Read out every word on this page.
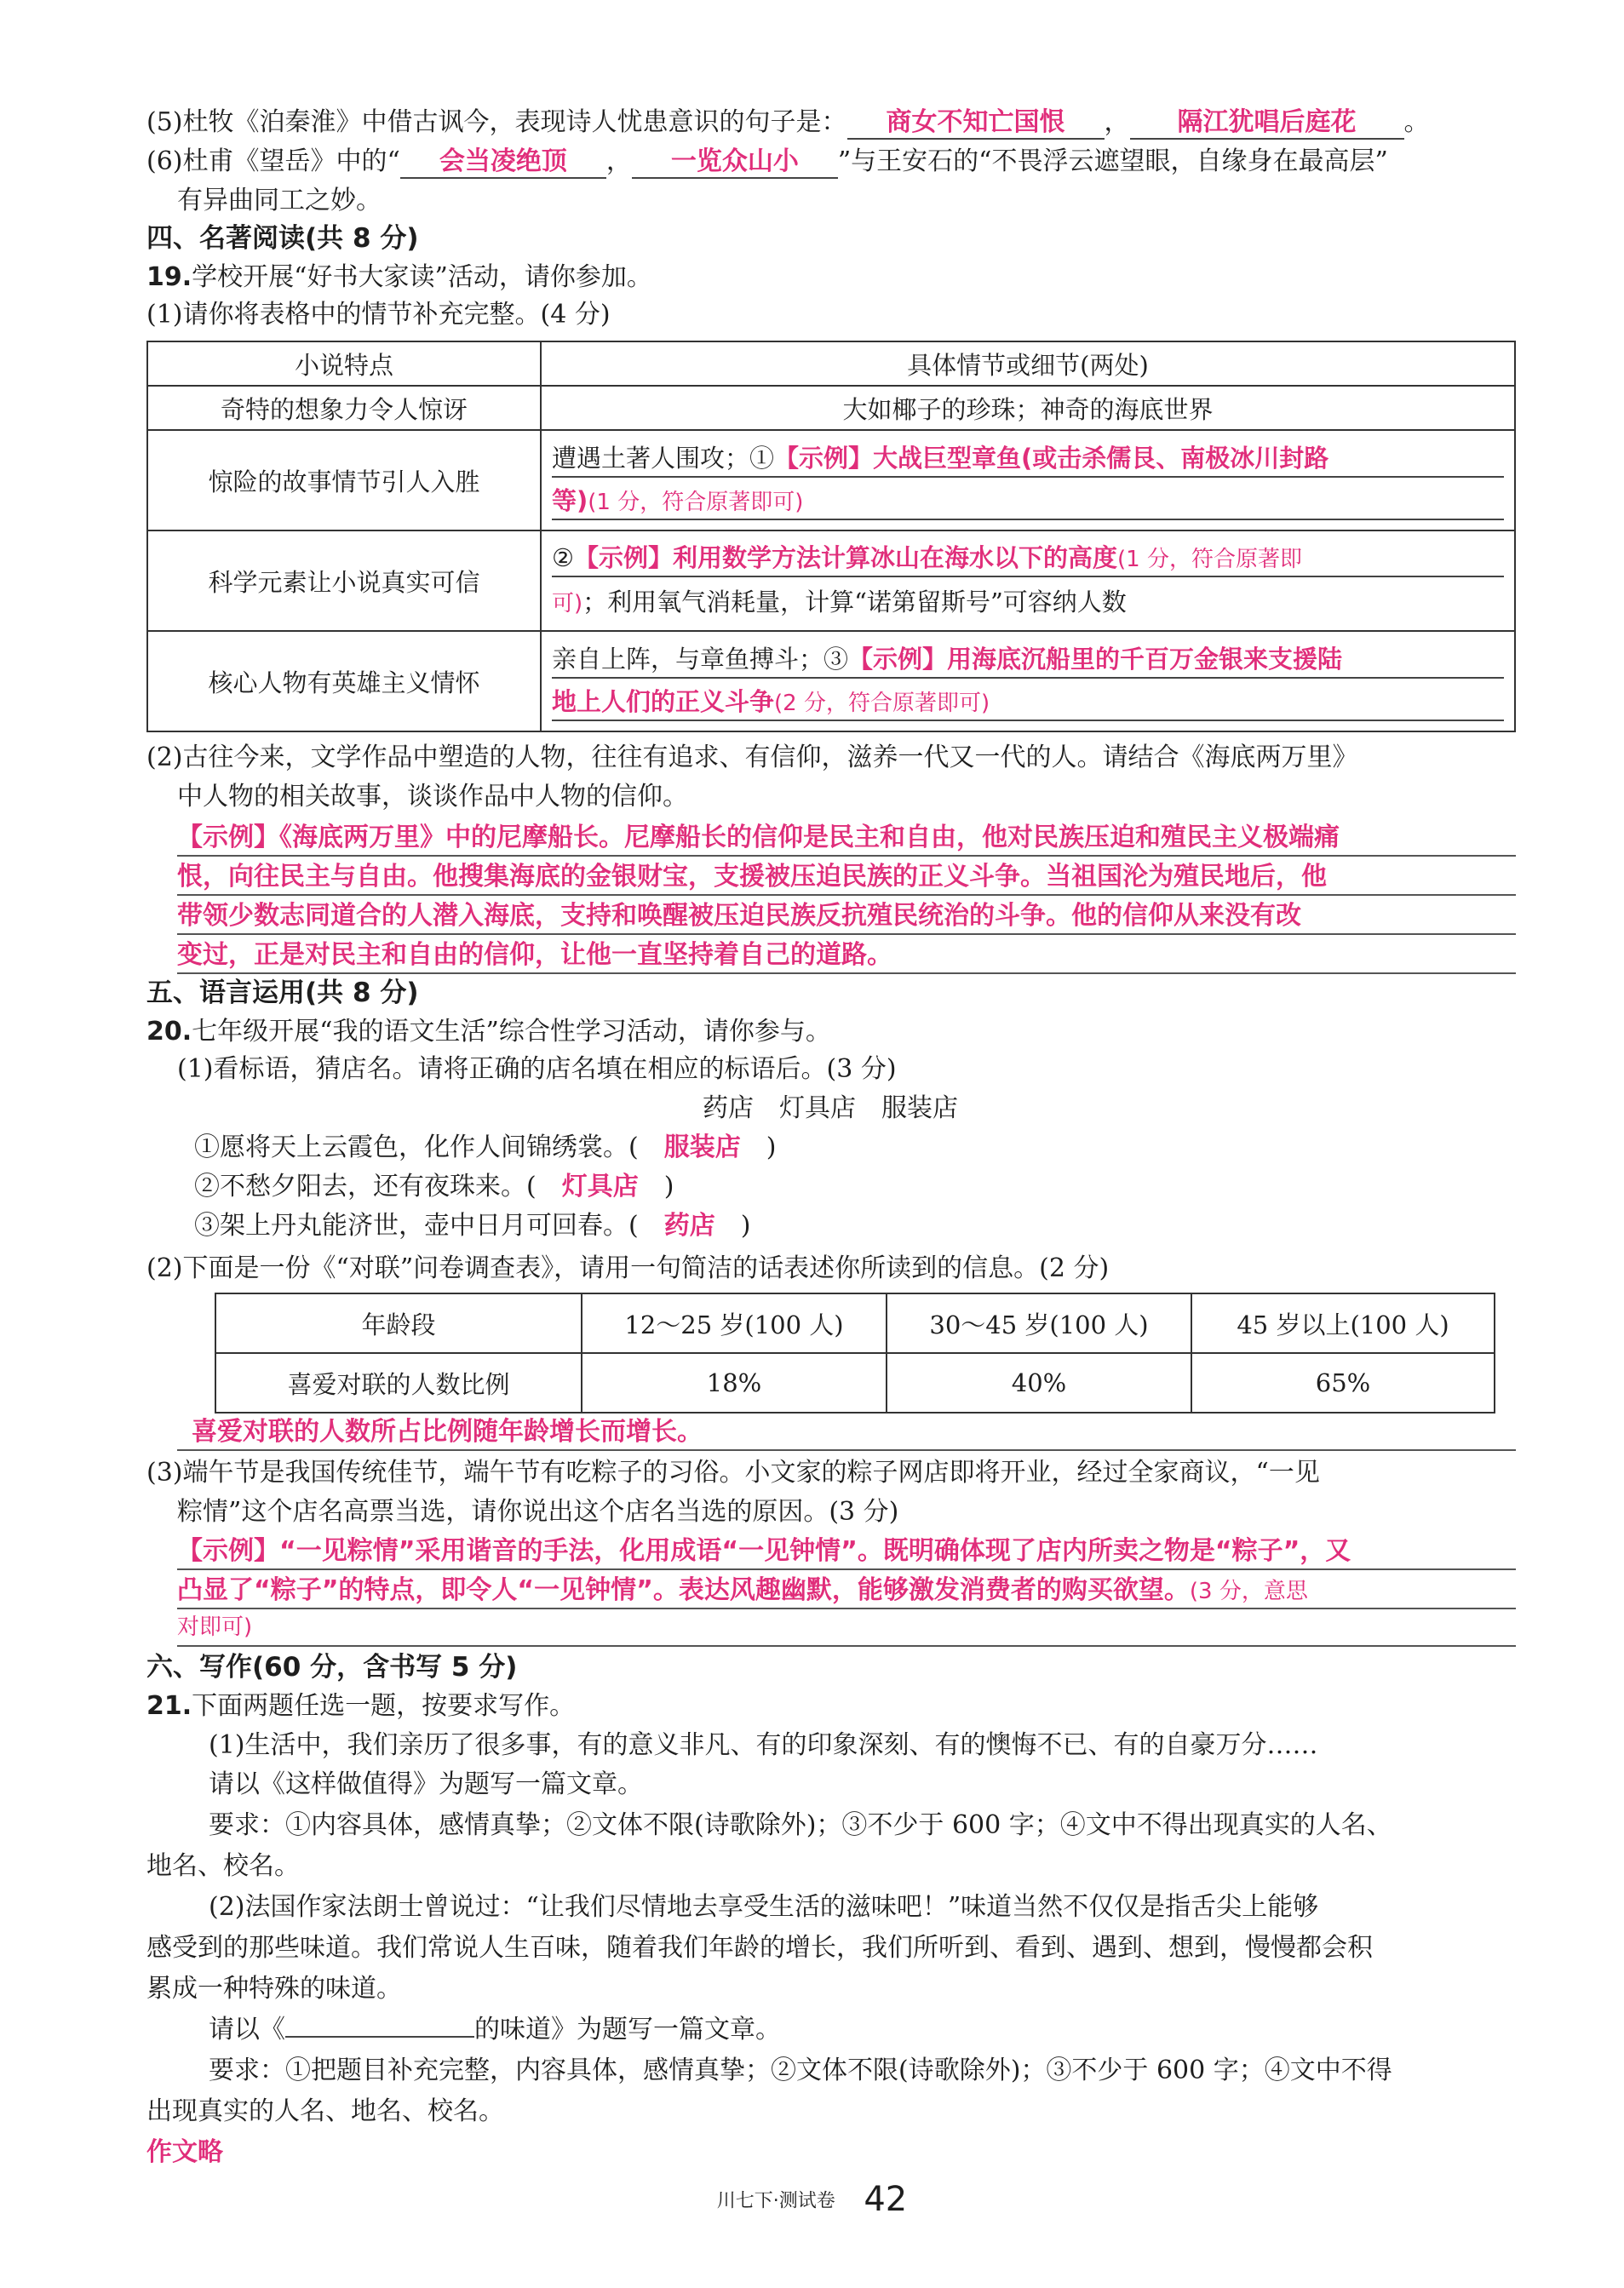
(5)杜牧《泊秦淮》中借古讽今，表现诗人忧患意识的句子是： 商女不知亡国恨 ， 隔江犹唱后庭花 。
(6)杜甫《望岳》中的“ 会当凌绝顶 ， 一览众山小 ”与王安石的“不畏浮云遮望眼，自缘身在最高层”
有异曲同工之妙。
四、名著阅读(共 8 分)
19.学校开展“好书大家读”活动，请你参加。
(1)请你将表格中的情节补充完整。(4 分)
小说特点	具体情节或细节(两处)
奇特的想象力令人惊讶	大如椰子的珍珠；神奇的海底世界
惊险的故事情节引人入胜	遭遇土著人围攻；①【示例】大战巨型章鱼(或击杀儒艮、南极冰川封路
等)(1 分，符合原著即可)

科学元素让小说真实可信	②【示例】利用数学方法计算冰山在海水以下的高度(1 分，符合原著即
可)；利用氧气消耗量，计算“诺第留斯号”可容纳人数

核心人物有英雄主义情怀	亲自上阵，与章鱼搏斗；③【示例】用海底沉船里的千百万金银来支援陆
地上人们的正义斗争(2 分，符合原著即可)
(2)古往今来，文学作品中塑造的人物，往往有追求、有信仰，滋养一代又一代的人。请结合《海底两万里》
中人物的相关故事，谈谈作品中人物的信仰。
【示例】《海底两万里》中的尼摩船长。尼摩船长的信仰是民主和自由，他对民族压迫和殖民主义极端痛
恨，向往民主与自由。他搜集海底的金银财宝，支援被压迫民族的正义斗争。当祖国沦为殖民地后，他
带领少数志同道合的人潜入海底，支持和唤醒被压迫民族反抗殖民统治的斗争。他的信仰从来没有改
变过，正是对民主和自由的信仰，让他一直坚持着自己的道路。
五、语言运用(共 8 分)
20.七年级开展“我的语文生活”综合性学习活动，请你参与。
(1)看标语，猜店名。请将正确的店名填在相应的标语后。(3 分)
药店　灯具店　服装店
①愿将天上云霞色，化作人间锦绣裳。( 服装店 )
②不愁夕阳去，还有夜珠来。( 灯具店 )
③架上丹丸能济世，壶中日月可回春。( 药店 )
(2)下面是一份《“对联”问卷调查表》，请用一句简洁的话表述你所读到的信息。(2 分)
年龄段	12～25 岁(100 人)	30～45 岁(100 人)	45 岁以上(100 人)
喜爱对联的人数比例	18%	40%	65%
喜爱对联的人数所占比例随年龄增长而增长。
(3)端午节是我国传统佳节，端午节有吃粽子的习俗。小文家的粽子网店即将开业，经过全家商议，“一见
粽情”这个店名高票当选，请你说出这个店名当选的原因。(3 分)
【示例】“一见粽情”采用谐音的手法，化用成语“一见钟情”。既明确体现了店内所卖之物是“粽子”，又
凸显了“粽子”的特点，即令人“一见钟情”。表达风趣幽默，能够激发消费者的购买欲望。(3 分，意思
对即可)
六、写作(60 分，含书写 5 分)
21.下面两题任选一题，按要求写作。
(1)生活中，我们亲历了很多事，有的意义非凡、有的印象深刻、有的懊悔不已、有的自豪万分……
请以《这样做值得》为题写一篇文章。
要求：①内容具体，感情真挚；②文体不限(诗歌除外)；③不少于 600 字；④文中不得出现真实的人名、
地名、校名。
(2)法国作家法朗士曾说过：“让我们尽情地去享受生活的滋味吧！”味道当然不仅仅是指舌尖上能够
感受到的那些味道。我们常说人生百味，随着我们年龄的增长，我们所听到、看到、遇到、想到，慢慢都会积
累成一种特殊的味道。
请以《	的味道》为题写一篇文章。
要求：①把题目补充完整，内容具体，感情真挚；②文体不限(诗歌除外)；③不少于 600 字；④文中不得
出现真实的人名、地名、校名。
作文略
川七下·测试卷 42
